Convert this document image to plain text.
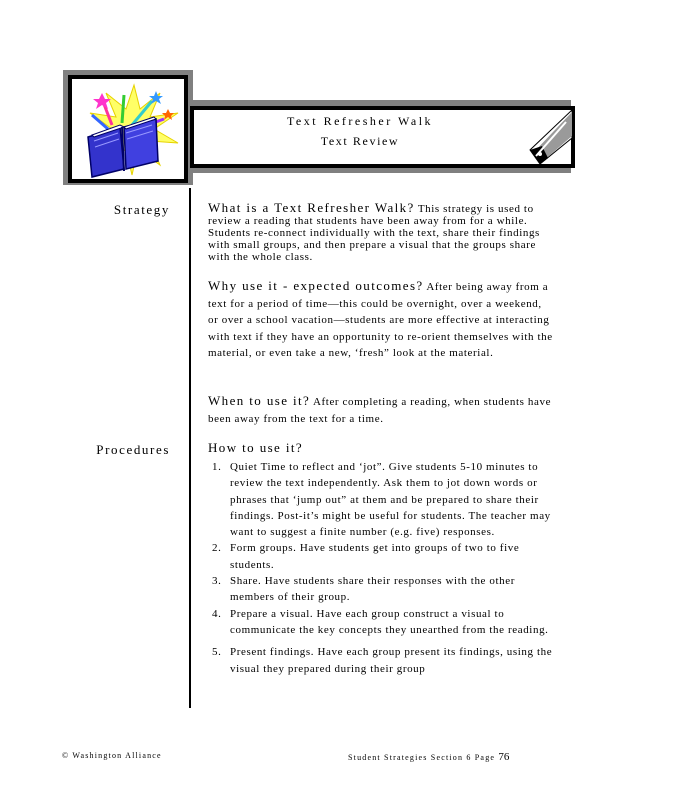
Text Refresher Walk
Text Review
Strategy
Procedures
What is a Text Refresher Walk? This strategy is used to review a reading that students have been away from for a while. Students re-connect individually with the text, share their findings with small groups, and then prepare a visual that the groups share with the whole class.
Why use it - expected outcomes? After being away from a text for a period of time—this could be overnight, over a weekend, or over a school vacation—students are more effective at interacting with text if they have an opportunity to re-orient themselves with the material, or even take a new, ‘fresh” look at the material.
When to use it? After completing a reading, when students have been away from the text for a time.
How to use it?
1. Quiet Time to reflect and ‘jot”. Give students 5-10 minutes to review the text independently. Ask them to jot down words or phrases that ‘jump out” at them and be prepared to share their findings. Post-it’s might be useful for students. The teacher may want to suggest a finite number (e.g. five) responses.
2. Form groups. Have students get into groups of two to five students.
3. Share. Have students share their responses with the other members of their group.
4. Prepare a visual. Have each group construct a visual to communicate the key concepts they unearthed from the reading.
5. Present findings. Have each group present its findings, using the visual they prepared during their group
© Washington Alliance	Student Strategies Section 6 Page 76
